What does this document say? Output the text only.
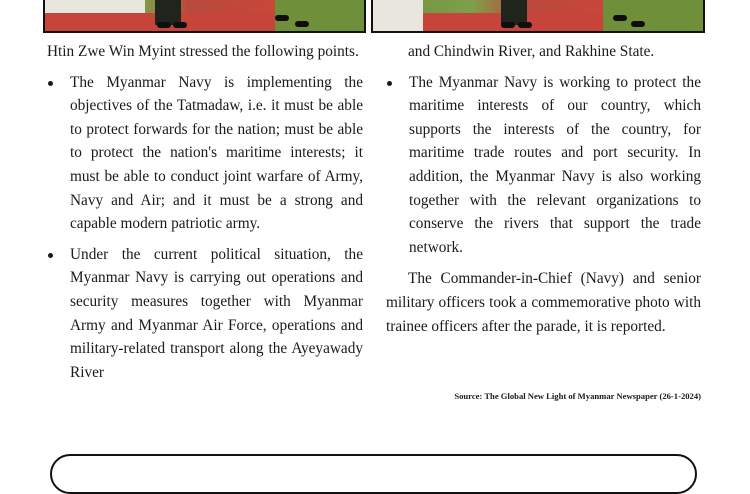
Htin Zwe Win Myint stressed the following points.

The Myanmar Navy is implementing the objectives of the Tatmadaw, i.e. it must be able to protect forwards for the nation; must be able to protect the nation's maritime interests; it must be able to conduct joint warfare of Army, Navy and Air; and it must be a strong and capable modern patriotic army.
Under the current political situation, the Myanmar Navy is carrying out operations and security measures together with Myanmar Army and Myanmar Air Force, operations and military-related transport along the Ayeyawady River

and Chindwin River, and Rakhine State.

The Myanmar Navy is working to protect the maritime interests of our country, which supports the interests of the country, for maritime trade routes and port security. In addition, the Myanmar Navy is also working together with the relevant organizations to conserve the rivers that support the trade network.

The Commander-in-Chief (Navy) and senior military officers took a commemorative photo with trainee officers after the parade, it is reported.

Source: The Global New Light of Myanmar Newspaper (26-1-2024)
